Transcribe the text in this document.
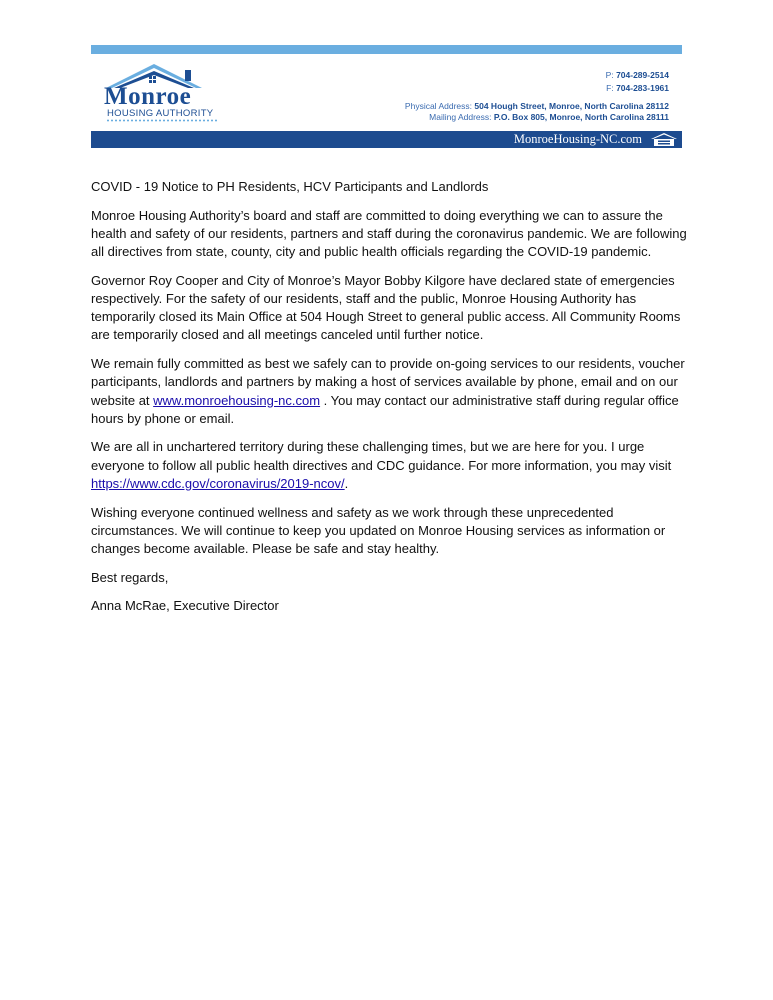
Monroe
HOUSING AUTHORITY
P: 704-289-2514
F: 704-283-1961
Physical Address: 504 Hough Street, Monroe, North Carolina 28112
Mailing Address: P.O. Box 805, Monroe, North Carolina 28111
MonroeHousing-NC.com

COVID - 19 Notice to PH Residents, HCV Participants and Landlords

Monroe Housing Authority’s board and staff are committed to doing everything we can to assure the health and safety of our residents, partners and staff during the coronavirus pandemic. We are following all directives from state, county, city and public health officials regarding the COVID-19 pandemic.

Governor Roy Cooper and City of Monroe’s Mayor Bobby Kilgore have declared state of emergencies respectively. For the safety of our residents, staff and the public, Monroe Housing Authority has temporarily closed its Main Office at 504 Hough Street to general public access. All Community Rooms are temporarily closed and all meetings canceled until further notice.

We remain fully committed as best we safely can to provide on-going services to our residents, voucher participants, landlords and partners by making a host of services available by phone, email and on our website at www.monroehousing-nc.com . You may contact our administrative staff during regular office hours by phone or email.

We are all in unchartered territory during these challenging times, but we are here for you. I urge everyone to follow all public health directives and CDC guidance. For more information, you may visit https://www.cdc.gov/coronavirus/2019-ncov/.

Wishing everyone continued wellness and safety as we work through these unprecedented circumstances. We will continue to keep you updated on Monroe Housing services as information or changes become available. Please be safe and stay healthy.

Best regards,

Anna McRae, Executive Director
